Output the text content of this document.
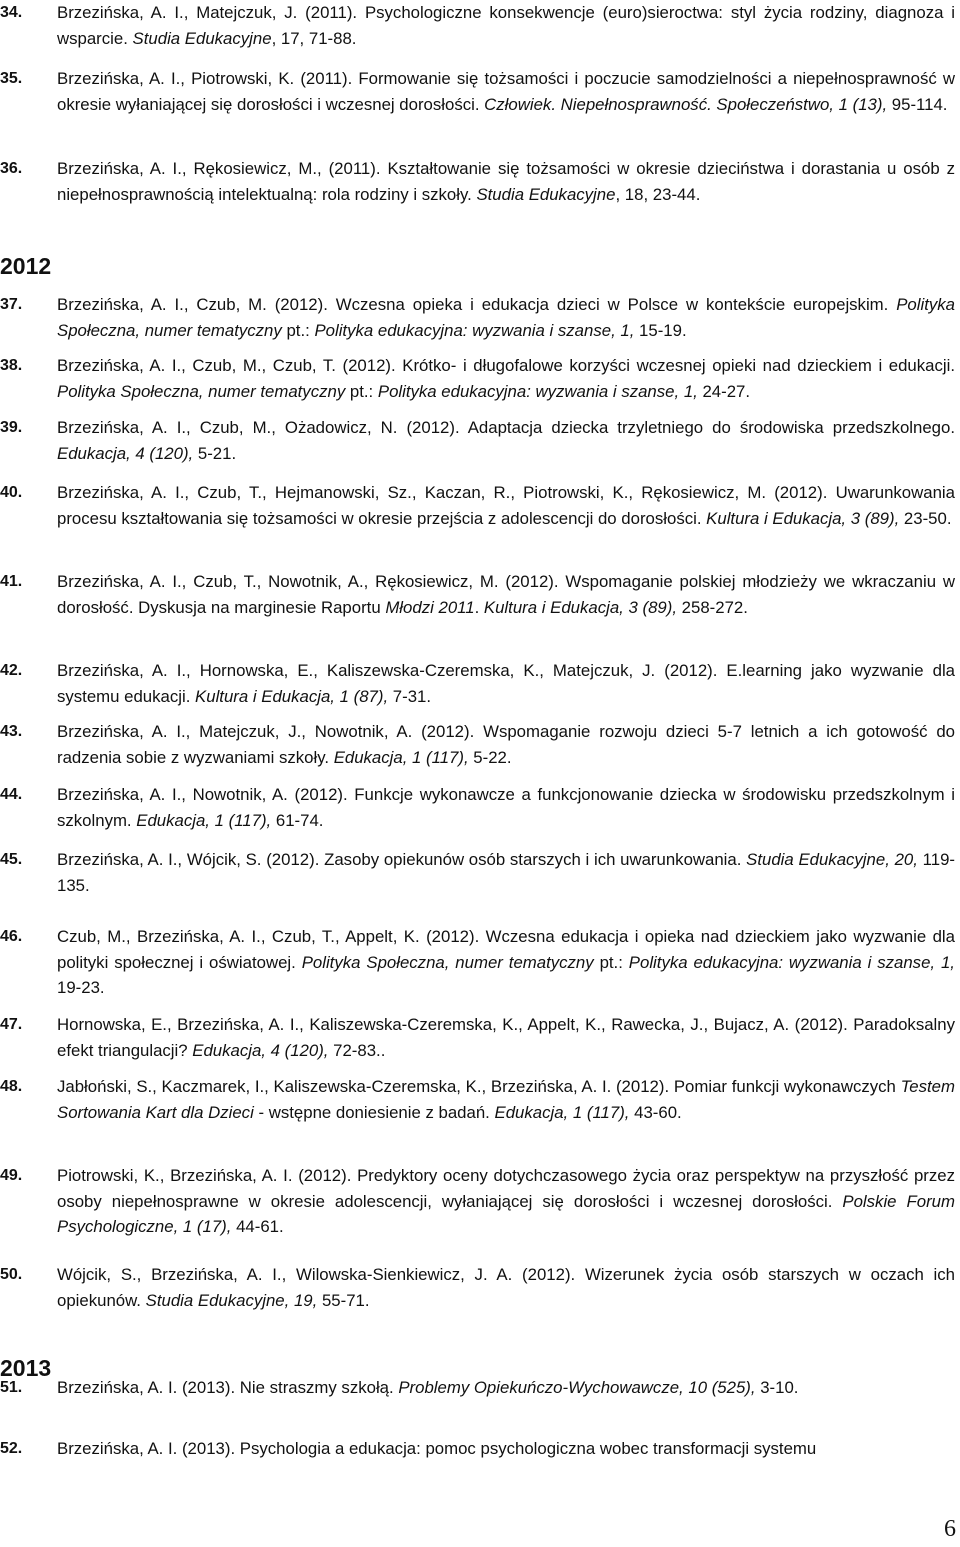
2012
2013
6
34. Brzezińska, A. I., Matejczuk, J. (2011). Psychologiczne konsekwencje (euro)sieroctwa: styl życia rodziny, diagnoza i wsparcie. Studia Edukacyjne, 17, 71-88.
35. Brzezińska, A. I., Piotrowski, K. (2011). Formowanie się tożsamości i poczucie samodzielności a niepełnosprawność w okresie wyłaniającej się dorosłości i wczesnej dorosłości. Człowiek. Niepełnosprawność. Społeczeństwo, 1 (13), 95-114.
36. Brzezińska, A. I., Rękosiewicz, M., (2011). Kształtowanie się tożsamości w okresie dzieciństwa i dorastania u osób z niepełnosprawnością intelektualną: rola rodziny i szkoły. Studia Edukacyjne, 18, 23-44.
37. Brzezińska, A. I., Czub, M. (2012). Wczesna opieka i edukacja dzieci w Polsce w kontekście europejskim. Polityka Społeczna, numer tematyczny pt.: Polityka edukacyjna: wyzwania i szanse, 1, 15-19.
38. Brzezińska, A. I., Czub, M., Czub, T. (2012). Krótko- i długofalowe korzyści wczesnej opieki nad dzieckiem i edukacji. Polityka Społeczna, numer tematyczny pt.: Polityka edukacyjna: wyzwania i szanse, 1, 24-27.
39. Brzezińska, A. I., Czub, M., Ożadowicz, N. (2012). Adaptacja dziecka trzyletniego do środowiska przedszkolnego. Edukacja, 4 (120), 5-21.
40. Brzezińska, A. I., Czub, T., Hejmanowski, Sz., Kaczan, R., Piotrowski, K., Rękosiewicz, M. (2012). Uwarunkowania procesu kształtowania się tożsamości w okresie przejścia z adolescencji do dorosłości. Kultura i Edukacja, 3 (89), 23-50.
41. Brzezińska, A. I., Czub, T., Nowotnik, A., Rękosiewicz, M. (2012). Wspomaganie polskiej młodzieży we wkraczaniu w dorosłość. Dyskusja na marginesie Raportu Młodzi 2011. Kultura i Edukacja, 3 (89), 258-272.
42. Brzezińska, A. I., Hornowska, E., Kaliszewska-Czeremska, K., Matejczuk, J. (2012). E.learning jako wyzwanie dla systemu edukacji. Kultura i Edukacja, 1 (87), 7-31.
43. Brzezińska, A. I., Matejczuk, J., Nowotnik, A. (2012). Wspomaganie rozwoju dzieci 5-7 letnich a ich gotowość do radzenia sobie z wyzwaniami szkoły. Edukacja, 1 (117), 5-22.
44. Brzezińska, A. I., Nowotnik, A. (2012). Funkcje wykonawcze a funkcjonowanie dziecka w środowisku przedszkolnym i szkolnym. Edukacja, 1 (117), 61-74.
45. Brzezińska, A. I., Wójcik, S. (2012). Zasoby opiekunów osób starszych i ich uwarunkowania. Studia Edukacyjne, 20, 119-135.
46. Czub, M., Brzezińska, A. I., Czub, T., Appelt, K. (2012). Wczesna edukacja i opieka nad dzieckiem jako wyzwanie dla polityki społecznej i oświatowej. Polityka Społeczna, numer tematyczny pt.: Polityka edukacyjna: wyzwania i szanse, 1, 19-23.
47. Hornowska, E., Brzezińska, A. I., Kaliszewska-Czeremska, K., Appelt, K., Rawecka, J., Bujacz, A. (2012). Paradoksalny efekt triangulacji? Edukacja, 4 (120), 72-83..
48. Jabłoński, S., Kaczmarek, I., Kaliszewska-Czeremska, K., Brzezińska, A. I. (2012). Pomiar funkcji wykonawczych Testem Sortowania Kart dla Dzieci - wstępne doniesienie z badań. Edukacja, 1 (117), 43-60.
49. Piotrowski, K., Brzezińska, A. I. (2012). Predyktory oceny dotychczasowego życia oraz perspektyw na przyszłość przez osoby niepełnosprawne w okresie adolescencji, wyłaniającej się dorosłości i wczesnej dorosłości. Polskie Forum Psychologiczne, 1 (17), 44-61.
50. Wójcik, S., Brzezińska, A. I., Wilowska-Sienkiewicz, J. A. (2012). Wizerunek życia osób starszych w oczach ich opiekunów. Studia Edukacyjne, 19, 55-71.
51. Brzezińska, A. I. (2013). Nie straszmy szkołą. Problemy Opiekuńczo-Wychowawcze, 10 (525), 3-10.
52. Brzezińska, A. I. (2013). Psychologia a edukacja: pomoc psychologiczna wobec transformacji systemu
